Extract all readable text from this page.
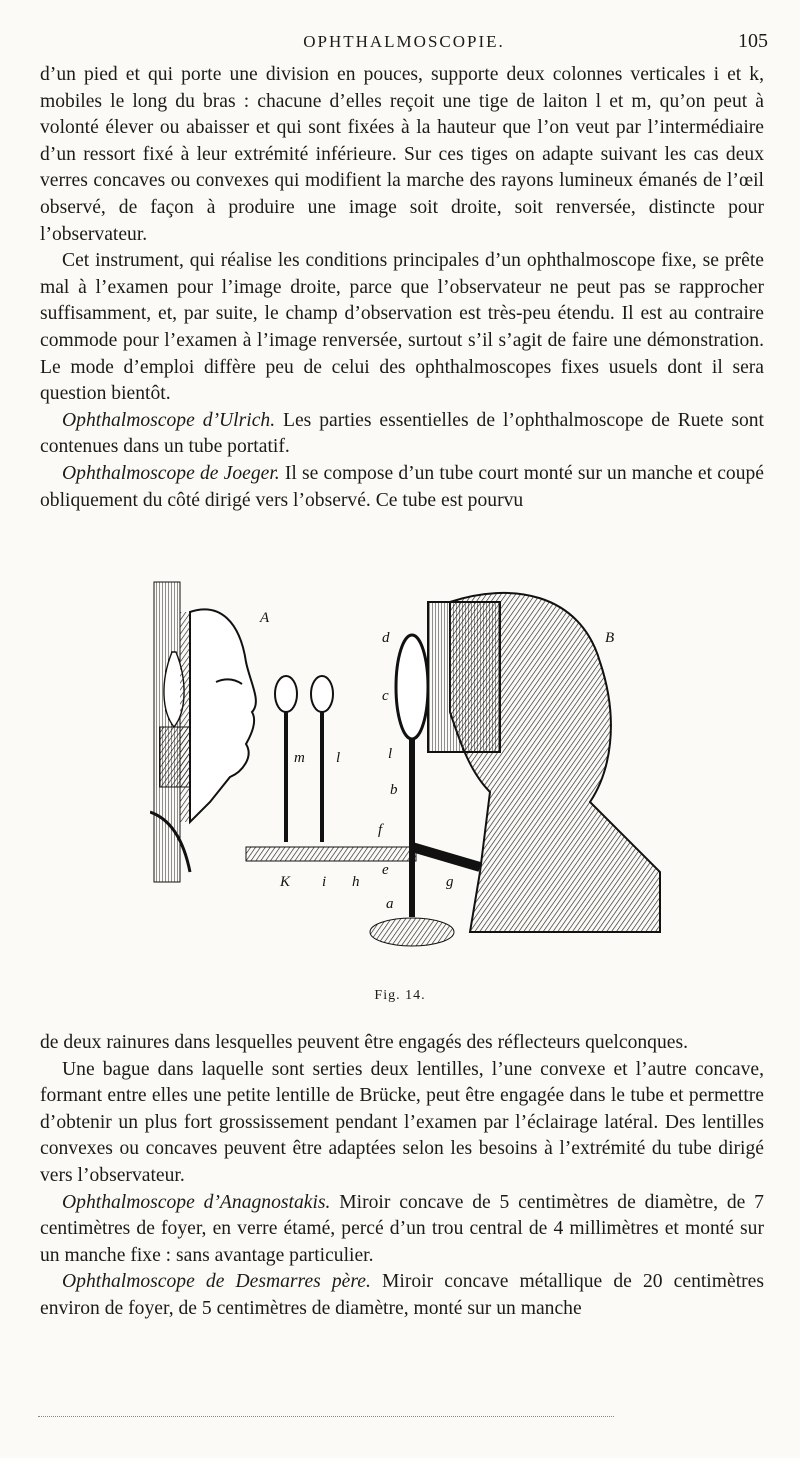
OPHTHALMOSCOPIE.	105

d’un pied et qui porte une division en pouces, supporte deux colonnes verticales i et k, mobiles le long du bras : chacune d’elles reçoit une tige de laiton l et m, qu’on peut à volonté élever ou abaisser et qui sont fixées à la hauteur que l’on veut par l’intermédiaire d’un ressort fixé à leur extrémité inférieure. Sur ces tiges on adapte suivant les cas deux verres concaves ou convexes qui modifient la marche des rayons lumineux émanés de l’œil observé, de façon à produire une image soit droite, soit renversée, distincte pour l’observateur.

Cet instrument, qui réalise les conditions principales d’un ophthalmoscope fixe, se prête mal à l’examen pour l’image droite, parce que l’observateur ne peut pas se rapprocher suffisamment, et, par suite, le champ d’observation est très-peu étendu. Il est au contraire commode pour l’examen à l’image renversée, surtout s’il s’agit de faire une démonstration. Le mode d’emploi diffère peu de celui des ophthalmoscopes fixes usuels dont il sera question bientôt.

Ophthalmoscope d’Ulrich. Les parties essentielles de l’ophthalmoscope de Ruete sont contenues dans un tube portatif.

Ophthalmoscope de Joeger. Il se compose d’un tube court monté sur un manche et coupé obliquement du côté dirigé vers l’observé. Ce tube est pourvu

A
B
d
c
m l	l
b
f
K i h
e
g
a
Fig. 14.

de deux rainures dans lesquelles peuvent être engagés des réflecteurs quelconques.

Une bague dans laquelle sont serties deux lentilles, l’une convexe et l’autre concave, formant entre elles une petite lentille de Brücke, peut être engagée dans le tube et permettre d’obtenir un plus fort grossissement pendant l’examen par l’éclairage latéral. Des lentilles convexes ou concaves peuvent être adaptées selon les besoins à l’extrémité du tube dirigé vers l’observateur.

Ophthalmoscope d’Anagnostakis. Miroir concave de 5 centimètres de diamètre, de 7 centimètres de foyer, en verre étamé, percé d’un trou central de 4 millimètres et monté sur un manche fixe : sans avantage particulier.

Ophthalmoscope de Desmarres père. Miroir concave métallique de 20 centimètres environ de foyer, de 5 centimètres de diamètre, monté sur un manche
